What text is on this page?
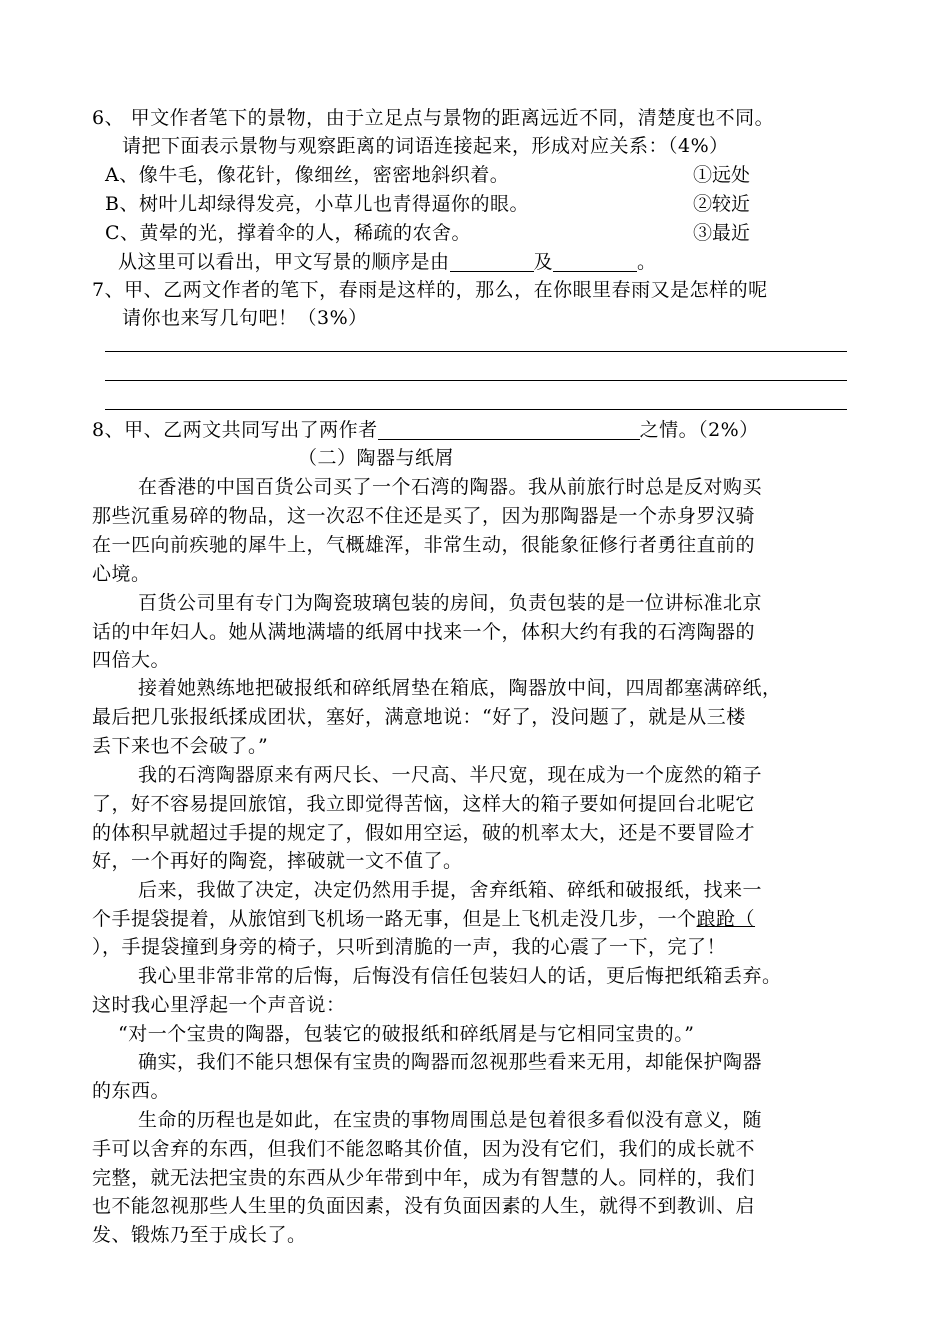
6、 甲文作者笔下的景物，由于立足点与景物的距离远近不同，清楚度也不同。
请把下面表示景物与观察距离的词语连接起来，形成对应关系：（4%）
A、像牛毛，像花针，像细丝，密密地斜织着。	①远处
B、树叶儿却绿得发亮，小草儿也青得逼你的眼。	②较近
C、黄晕的光，撑着伞的人，稀疏的农舍。	③最近
从这里可以看出，甲文写景的顺序是由	及	。
7、甲、乙两文作者的笔下，春雨是这样的，那么，在你眼里春雨又是怎样的呢
请你也来写几句吧！（3%）
8、甲、乙两文共同写出了两作者	之情。（2%）
（二）陶器与纸屑
在香港的中国百货公司买了一个石湾的陶器。我从前旅行时总是反对购买
那些沉重易碎的物品，这一次忍不住还是买了，因为那陶器是一个赤身罗汉骑
在一匹向前疾驰的犀牛上，气概雄浑，非常生动，很能象征修行者勇往直前的
心境。
百货公司里有专门为陶瓷玻璃包装的房间，负责包装的是一位讲标准北京
话的中年妇人。她从满地满墙的纸屑中找来一个，体积大约有我的石湾陶器的
四倍大。
接着她熟练地把破报纸和碎纸屑垫在箱底，陶器放中间，四周都塞满碎纸，
最后把几张报纸揉成团状，塞好，满意地说：“好了，没问题了，就是从三楼
丢下来也不会破了。”
我的石湾陶器原来有两尺长、一尺高、半尺宽，现在成为一个庞然的箱子
了，好不容易提回旅馆，我立即觉得苦恼，这样大的箱子要如何提回台北呢它
的体积早就超过手提的规定了，假如用空运，破的机率太大，还是不要冒险才
好，一个再好的陶瓷，摔破就一文不值了。
后来，我做了决定，决定仍然用手提，舍弃纸箱、碎纸和破报纸，找来一
个手提袋提着，从旅馆到飞机场一路无事，但是上飞机走没几步，一个踉跄（
），手提袋撞到身旁的椅子，只听到清脆的一声，我的心震了一下，完了！
我心里非常非常的后悔，后悔没有信任包装妇人的话，更后悔把纸箱丢弃。
这时我心里浮起一个声音说：
“对一个宝贵的陶器，包装它的破报纸和碎纸屑是与它相同宝贵的。”
确实，我们不能只想保有宝贵的陶器而忽视那些看来无用，却能保护陶器
的东西。
生命的历程也是如此，在宝贵的事物周围总是包着很多看似没有意义，随
手可以舍弃的东西，但我们不能忽略其价值，因为没有它们，我们的成长就不
完整，就无法把宝贵的东西从少年带到中年，成为有智慧的人。同样的，我们
也不能忽视那些人生里的负面因素，没有负面因素的人生，就得不到教训、启
发、锻炼乃至于成长了。
